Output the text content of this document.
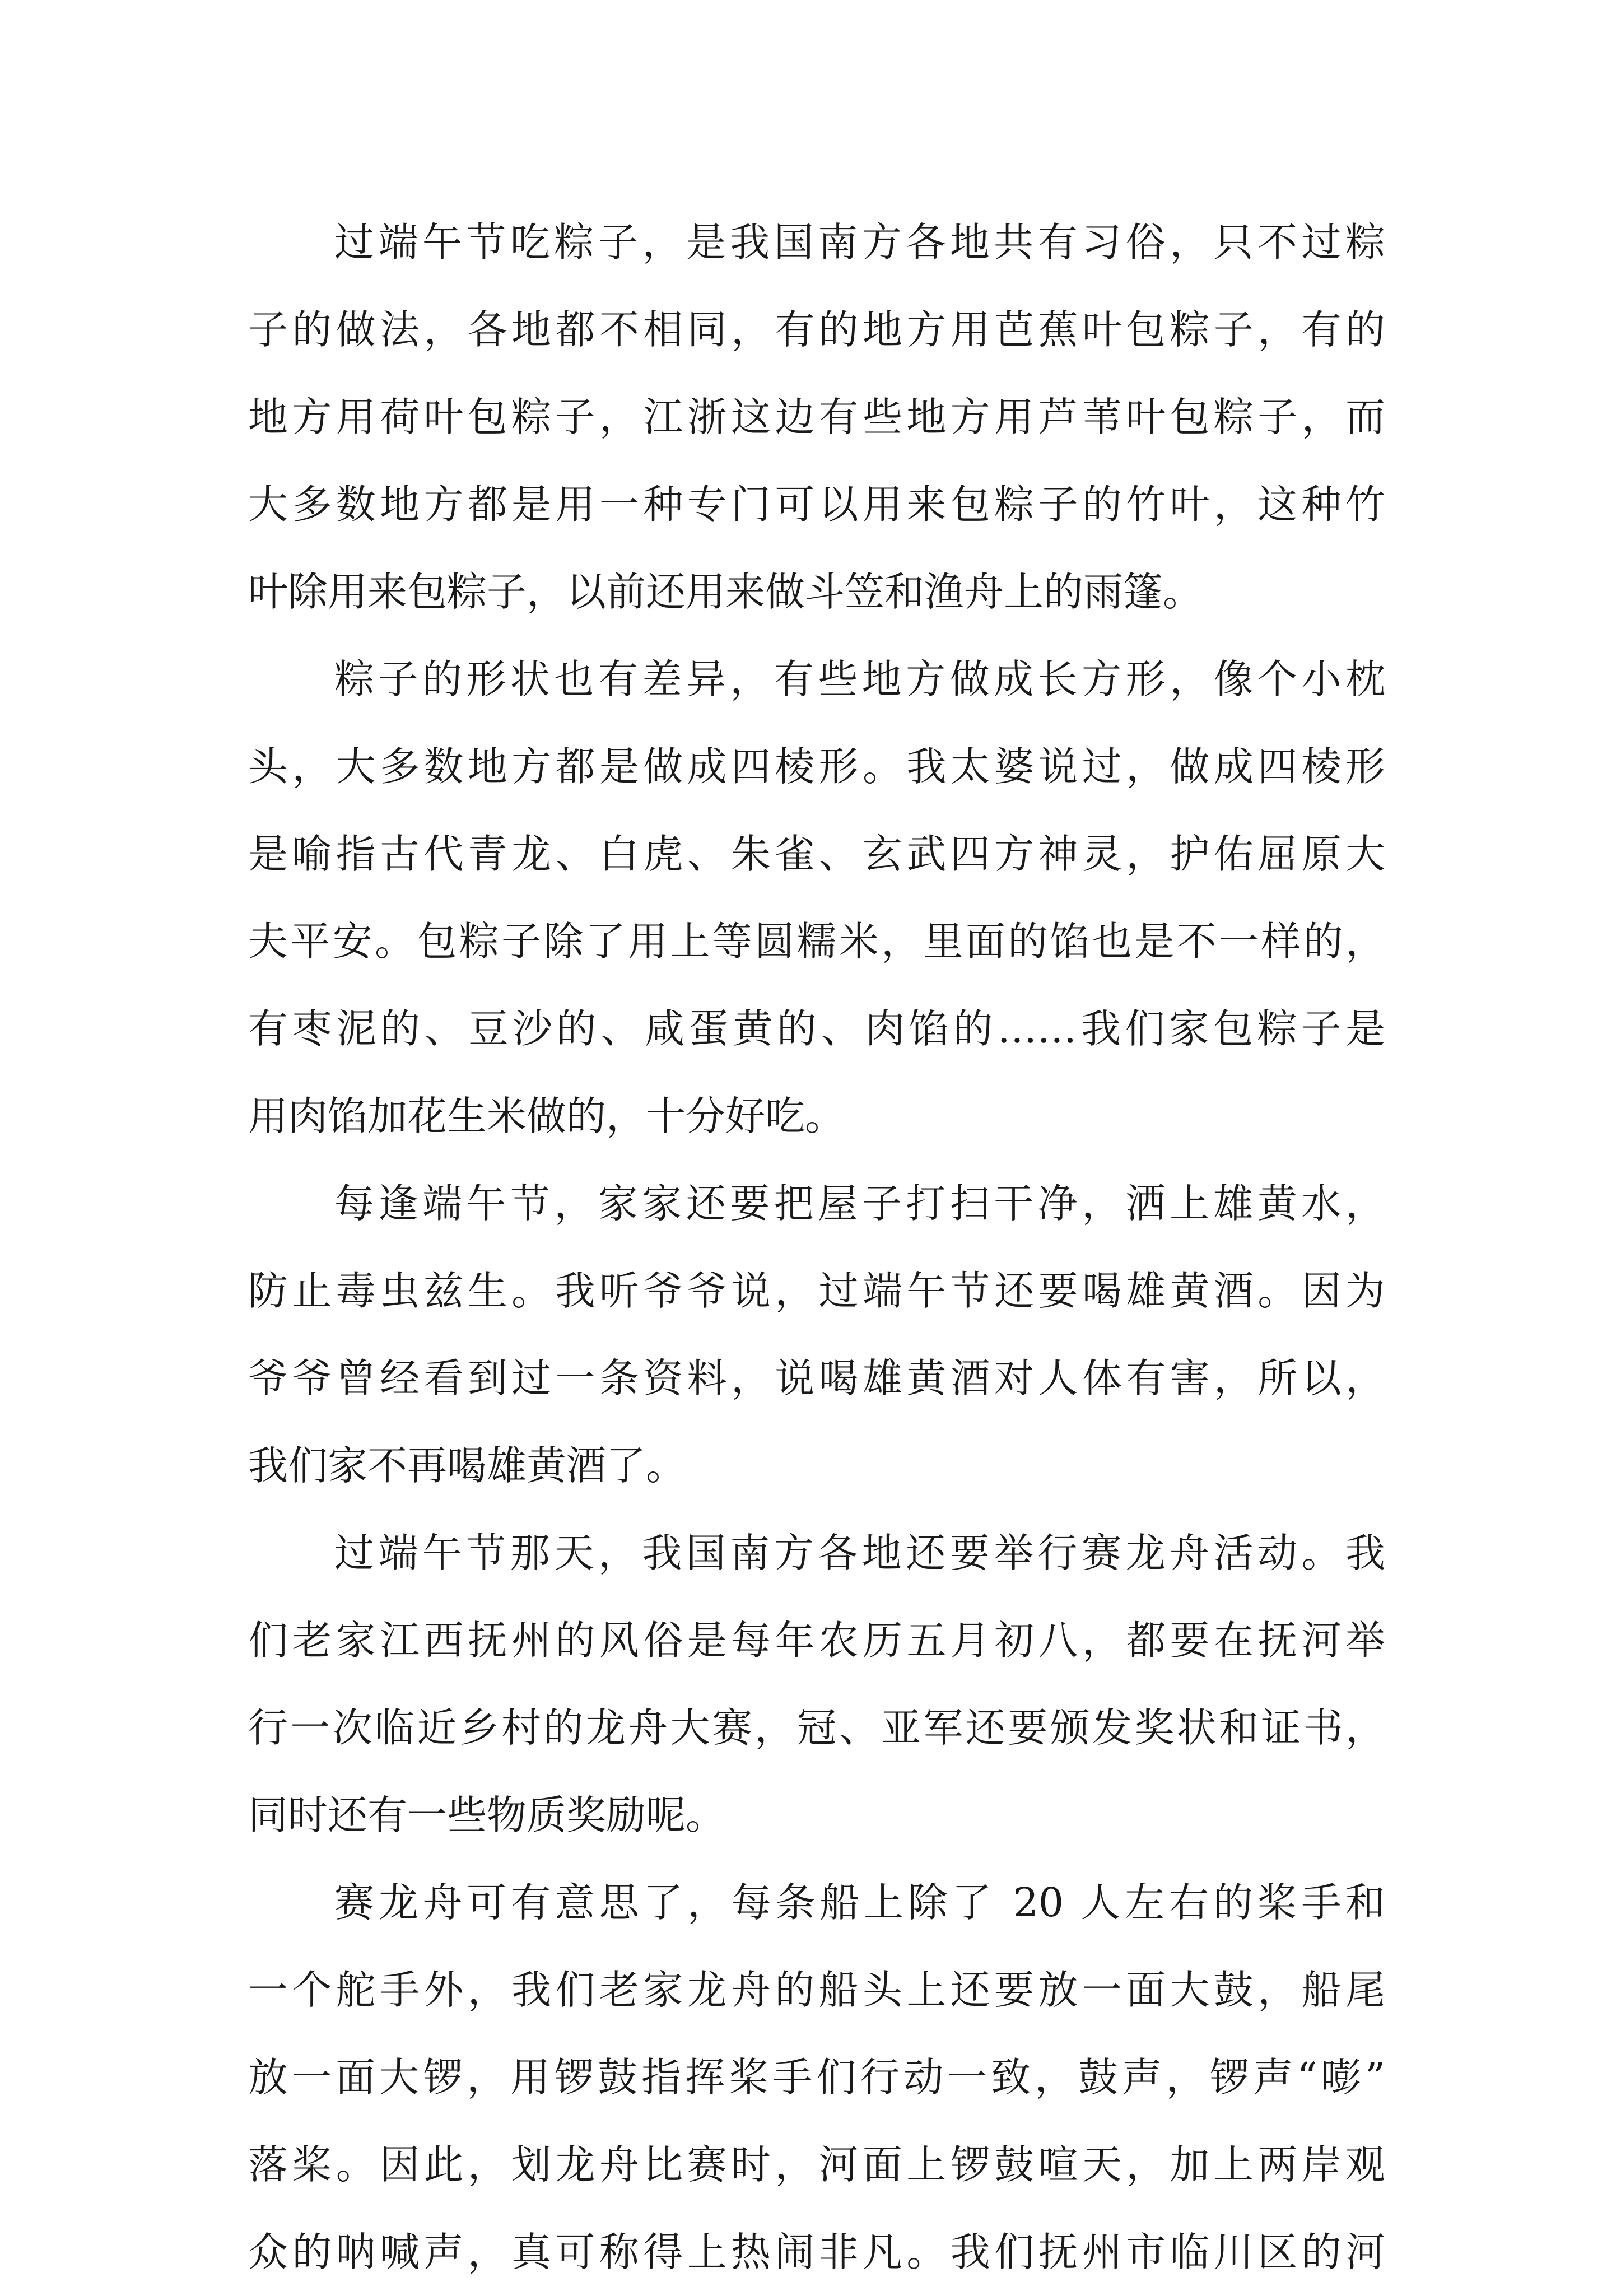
过端午节吃粽子，是我国南方各地共有习俗，只不过粽
子的做法，各地都不相同，有的地方用芭蕉叶包粽子，有的
地方用荷叶包粽子，江浙这边有些地方用芦苇叶包粽子，而
大多数地方都是用一种专门可以用来包粽子的竹叶，这种竹
叶除用来包粽子，以前还用来做斗笠和渔舟上的雨篷。
粽子的形状也有差异，有些地方做成长方形，像个小枕
头，大多数地方都是做成四棱形。我太婆说过，做成四棱形
是喻指古代青龙、白虎、朱雀、玄武四方神灵，护佑屈原大
夫平安。包粽子除了用上等圆糯米，里面的馅也是不一样的，
有枣泥的、豆沙的、咸蛋黄的、肉馅的……我们家包粽子是
用肉馅加花生米做的，十分好吃。
每逢端午节，家家还要把屋子打扫干净，洒上雄黄水，
防止毒虫兹生。我听爷爷说，过端午节还要喝雄黄酒。因为
爷爷曾经看到过一条资料，说喝雄黄酒对人体有害，所以，
我们家不再喝雄黄酒了。
过端午节那天，我国南方各地还要举行赛龙舟活动。我
们老家江西抚州的风俗是每年农历五月初八，都要在抚河举
行一次临近乡村的龙舟大赛，冠、亚军还要颁发奖状和证书，
同时还有一些物质奖励呢。
赛龙舟可有意思了，每条船上除了 20 人左右的桨手和
一个舵手外，我们老家龙舟的船头上还要放一面大鼓，船尾
放一面大锣，用锣鼓指挥桨手们行动一致，鼓声，锣声“嘭”
落桨。因此，划龙舟比赛时，河面上锣鼓喧天，加上两岸观
众的呐喊声，真可称得上热闹非凡。我们抚州市临川区的河
